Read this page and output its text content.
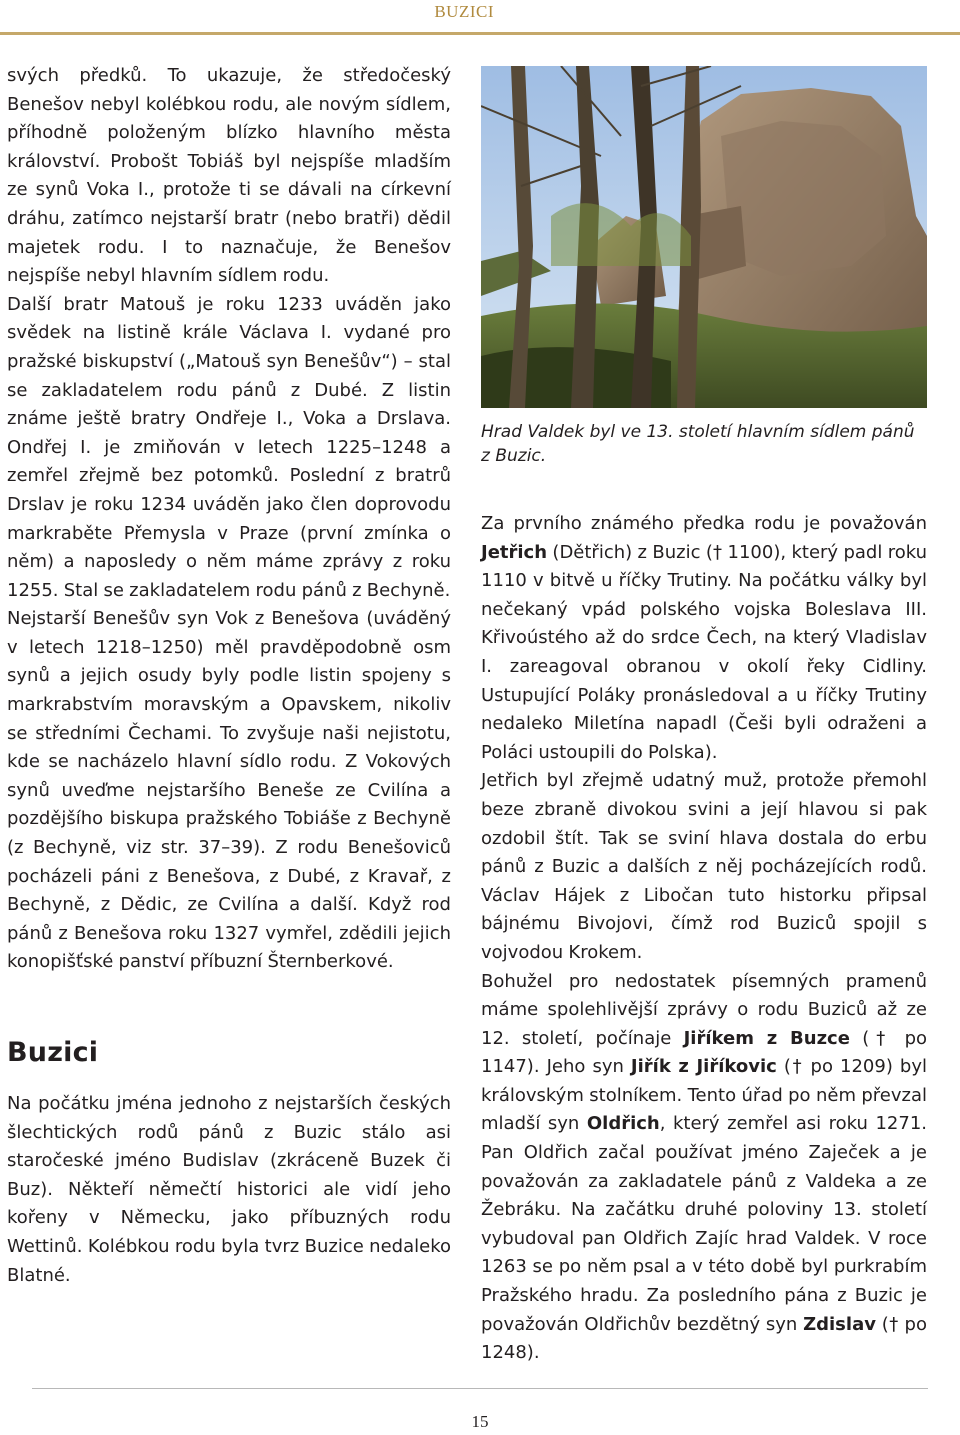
BUZICI

svých předků. To ukazuje, že středočeský Benešov nebyl kolébkou rodu, ale novým sídlem, příhodně položeným blízko hlavního města království. Probošt Tobiáš byl nejspíše mladším ze synů Voka I., protože ti se dávali na církevní dráhu, zatímco nejstarší bratr (nebo bratři) dědil majetek rodu. I to naznačuje, že Benešov nejspíše nebyl hlavním sídlem rodu.

Další bratr Matouš je roku 1233 uváděn jako svědek na listině krále Václava I. vydané pro pražské biskupství („Matouš syn Benešův“) – stal se zakladatelem rodu pánů z Dubé. Z listin známe ještě bratry Ondřeje I., Voka a Drslava. Ondřej I. je zmiňován v letech 1225–1248 a zemřel zřejmě bez potomků. Poslední z bratrů Drslav je roku 1234 uváděn jako člen doprovodu markraběte Přemysla v Praze (první zmínka o něm) a naposledy o něm máme zprávy z roku 1255. Stal se zakladatelem rodu pánů z Bechyně.

Nejstarší Benešův syn Vok z Benešova (uváděný v letech 1218–1250) měl pravděpodobně osm synů a jejich osudy byly podle listin spojeny s markrabstvím moravským a Opavskem, nikoliv se středními Čechami. To zvyšuje naši nejistotu, kde se nacházelo hlavní sídlo rodu. Z Vokových synů uveďme nejstaršího Beneše ze Cvilína a pozdějšího biskupa pražského Tobiáše z Bechyně (z Bechyně, viz str. 37–39). Z rodu Benešoviců pocházeli páni z Benešova, z Dubé, z Kravař, z Bechyně, z Dědic, ze Cvilína a další. Když rod pánů z Benešova roku 1327 vymřel, zdědili jejich konopišťské panství příbuzní Šternberkové.

Buzici

Na počátku jména jednoho z nejstarších českých šlechtických rodů pánů z Buzic stálo asi staročeské jméno Budislav (zkráceně Buzek či Buz). Někteří němečtí historici ale vidí jeho kořeny v Německu, jako příbuzných rodu Wettinů. Kolébkou rodu byla tvrz Buzice nedaleko Blatné.

Hrad Valdek byl ve 13. století hlavním sídlem pánů z Buzic.

Za prvního známého předka rodu je považován Jetřich (Dětřich) z Buzic († 1100), který padl roku 1110 v bitvě u říčky Trutiny. Na počátku války byl nečekaný vpád polského vojska Boleslava III. Křivoústého až do srdce Čech, na který Vladislav I. zareagoval obranou v okolí řeky Cidliny. Ustupující Poláky pronásledoval a u říčky Trutiny nedaleko Miletína napadl (Češi byli odraženi a Poláci ustoupili do Polska).

Jetřich byl zřejmě udatný muž, protože přemohl beze zbraně divokou svini a její hlavou si pak ozdobil štít. Tak se sviní hlava dostala do erbu pánů z Buzic a dalších z něj pocházejících rodů. Václav Hájek z Libočan tuto historku připsal bájnému Bivojovi, čímž rod Buziců spojil s vojvodou Krokem.

Bohužel pro nedostatek písemných pramenů máme spolehlivější zprávy o rodu Buziců až ze 12. století, počínaje Jiříkem z Buzce († po 1147). Jeho syn Jiřík z Jiříkovic († po 1209) byl královským stolníkem. Tento úřad po něm převzal mladší syn Oldřich, který zemřel asi roku 1271. Pan Oldřich začal používat jméno Zaječek a je považován za zakladatele pánů z Valdeka a ze Žebráku. Na začátku druhé poloviny 13. století vybudoval pan Oldřich Zajíc hrad Valdek. V roce 1263 se po něm psal a v této době byl purkrabím Pražského hradu. Za posledního pána z Buzic je považován Oldřichův bezdětný syn Zdislav († po 1248).

15
